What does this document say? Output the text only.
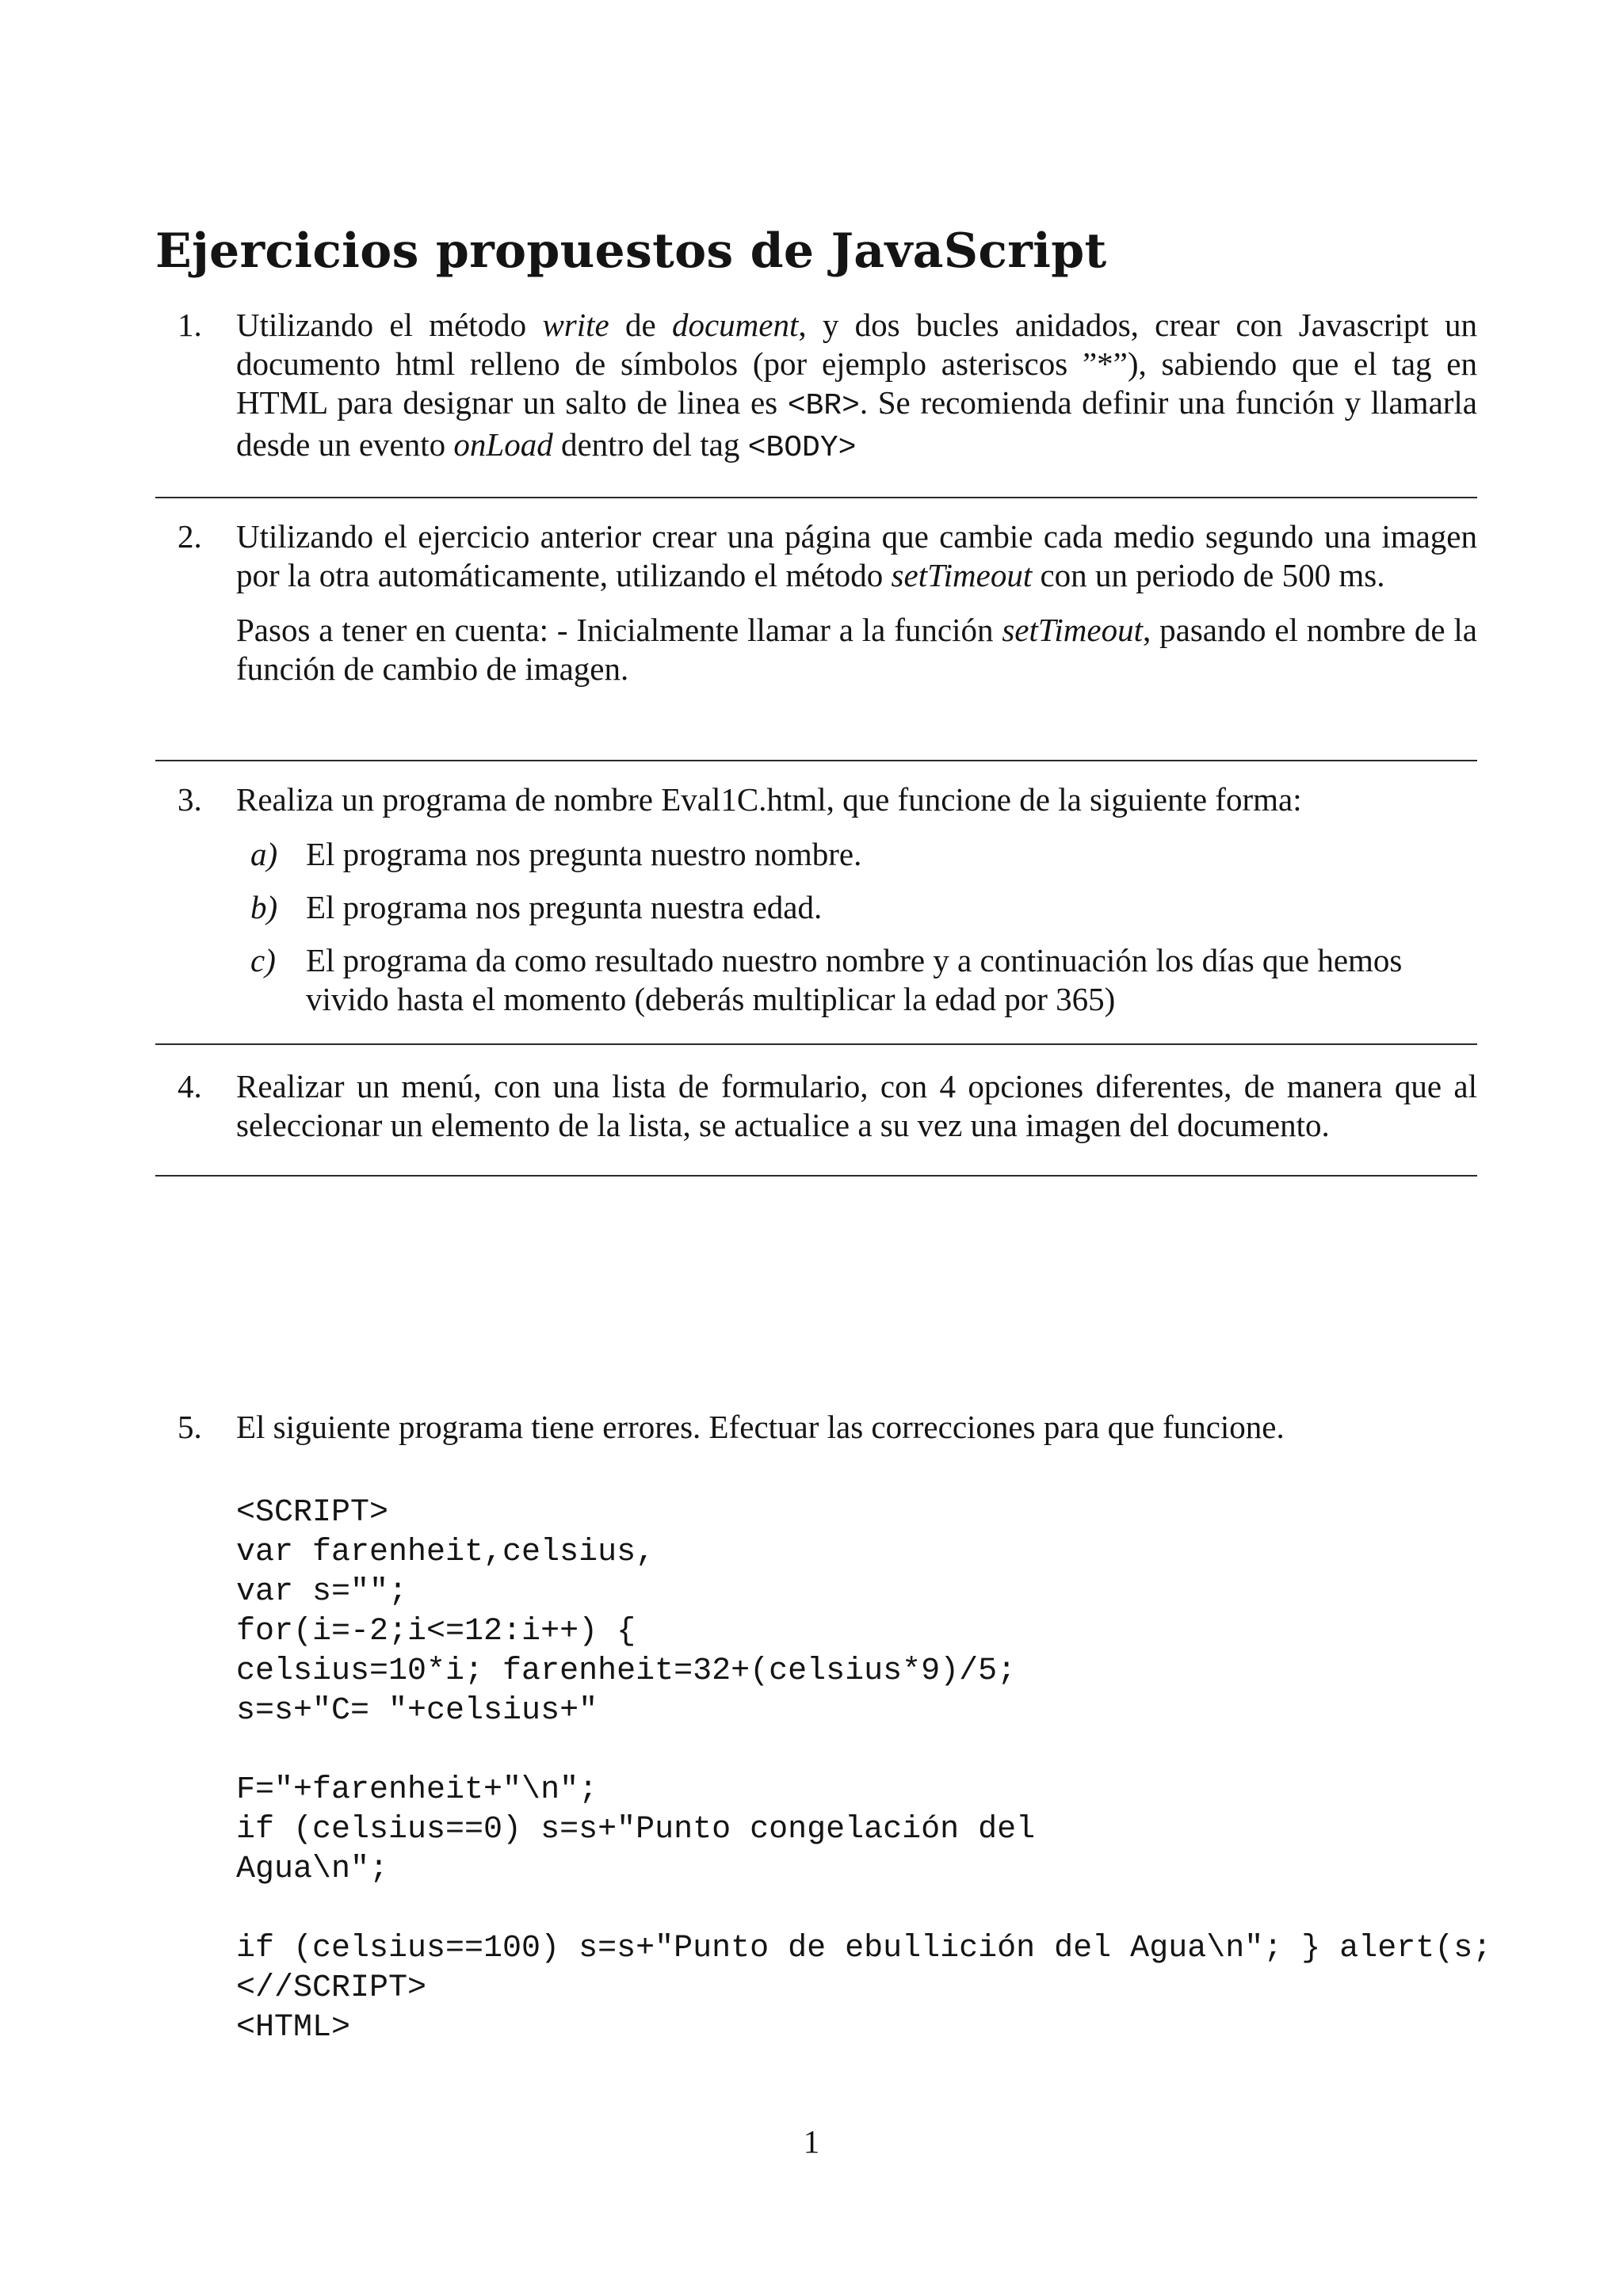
Ejercicios propuestos de JavaScript
1. Utilizando el método write de document, y dos bucles anidados, crear con Javascript un documento html relleno de símbolos (por ejemplo asteriscos ”*”), sabiendo que el tag en HTML para designar un salto de linea es <BR>. Se recomienda definir una función y llamarla desde un evento onLoad dentro del tag <BODY>

2. Utilizando el ejercicio anterior crear una página que cambie cada medio segundo una imagen por la otra automáticamente, utilizando el método setTimeout con un periodo de 500 ms.

Pasos a tener en cuenta: - Inicialmente llamar a la función setTimeout, pasando el nombre de la función de cambio de imagen.

3. Realiza un programa de nombre Eval1C.html, que funcione de la siguiente forma:

a) El programa nos pregunta nuestro nombre.
b) El programa nos pregunta nuestra edad.
c) El programa da como resultado nuestro nombre y a continuación los días que hemos vivido hasta el momento (deberás multiplicar la edad por 365)
4. Realizar un menú, con una lista de formulario, con 4 opciones diferentes, de manera que al seleccionar un elemento de la lista, se actualice a su vez una imagen del documento.

5. El siguiente programa tiene errores. Efectuar las correcciones para que funcione.

<SCRIPT>
var farenheit,celsius,
var s="";
for(i=-2;i<=12:i++) {
celsius=10*i; farenheit=32+(celsius*9)/5;
s=s+"C= "+celsius+"

F="+farenheit+"\n";
if (celsius==0) s=s+"Punto congelación del
Agua\n";

if (celsius==100) s=s+"Punto de ebullición del Agua\n"; } alert(s;
<//SCRIPT>
<HTML>
1
